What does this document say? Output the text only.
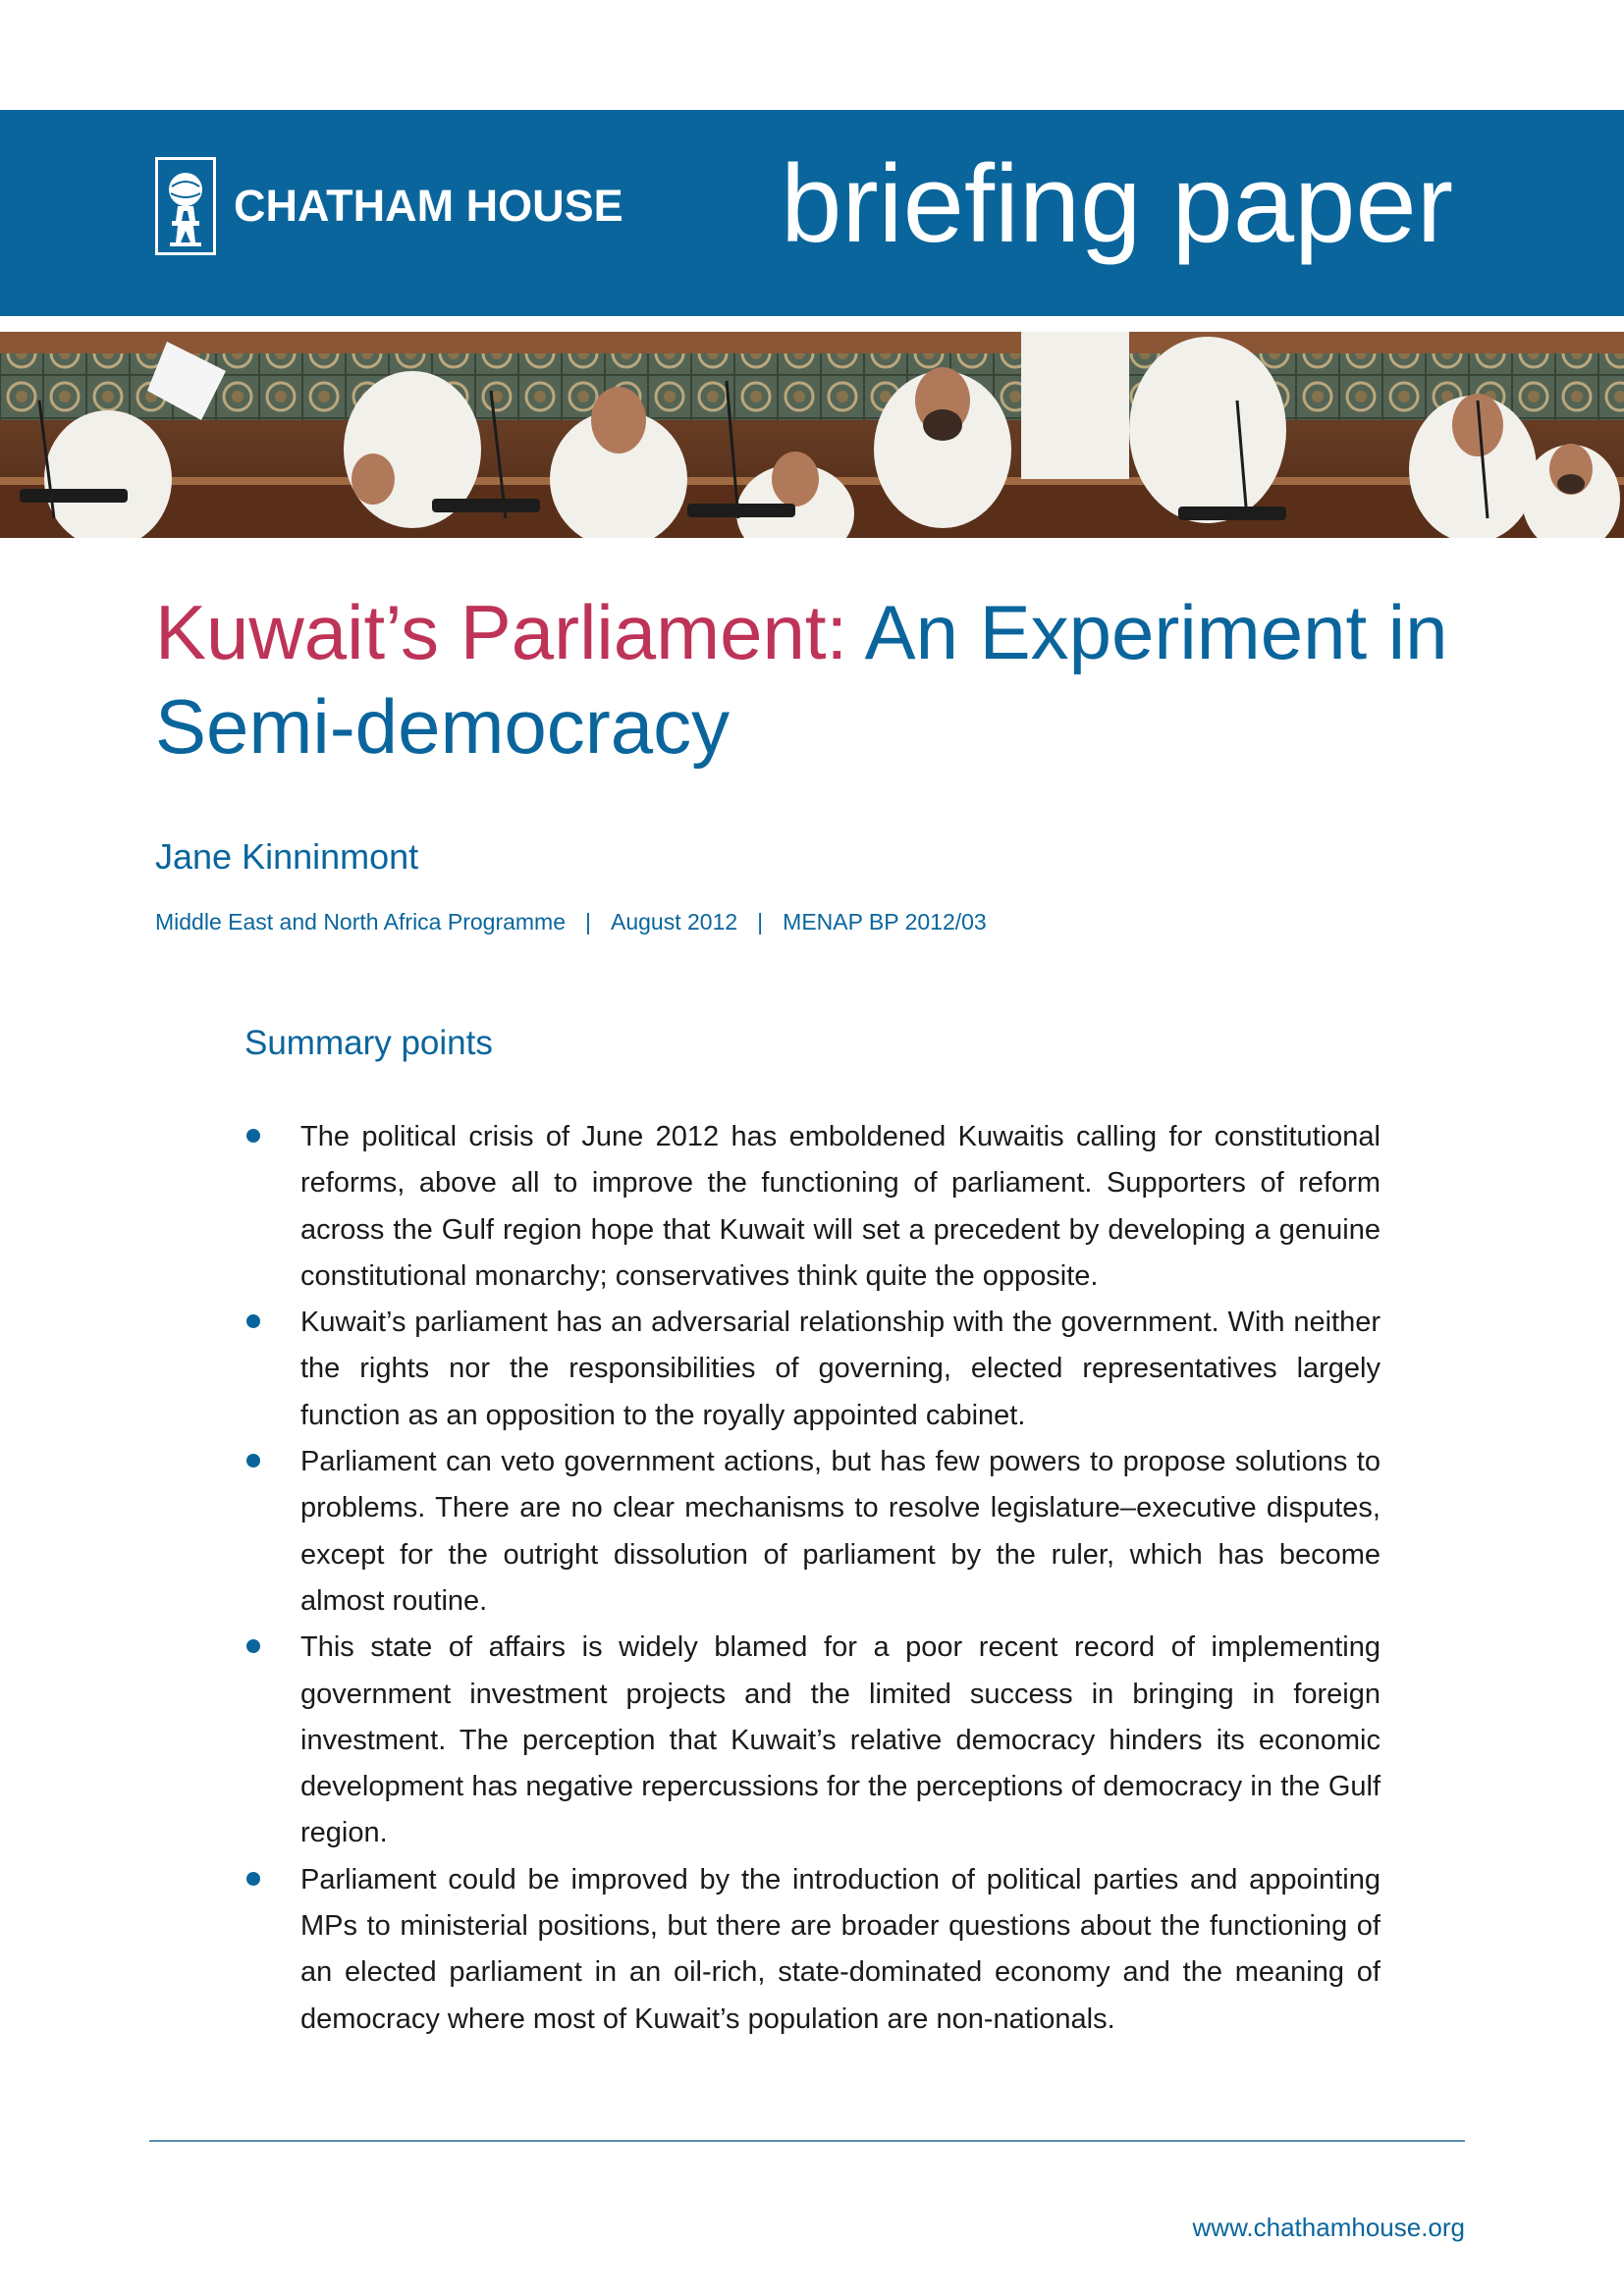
CHATHAM HOUSE briefing paper
Kuwait’s Parliament: An Experiment in Semi-democracy
Jane Kinninmont
Middle East and North Africa Programme | August 2012 | MENAP BP 2012/03
Summary points
The political crisis of June 2012 has emboldened Kuwaitis calling for constitutional reforms, above all to improve the functioning of parliament. Supporters of reform across the Gulf region hope that Kuwait will set a precedent by developing a genuine constitutional monarchy; conservatives think quite the opposite.
Kuwait’s parliament has an adversarial relationship with the government. With neither the rights nor the responsibilities of governing, elected representatives largely function as an opposition to the royally appointed cabinet.
Parliament can veto government actions, but has few powers to propose solutions to problems. There are no clear mechanisms to resolve legislature–executive disputes, except for the outright dissolution of parliament by the ruler, which has become almost routine.
This state of affairs is widely blamed for a poor recent record of implementing government investment projects and the limited success in bringing in foreign investment. The perception that Kuwait’s relative democracy hinders its economic development has negative repercussions for the perceptions of democracy in the Gulf region.
Parliament could be improved by the introduction of political parties and appointing MPs to ministerial positions, but there are broader questions about the functioning of an elected parliament in an oil-rich, state-dominated economy and the meaning of democracy where most of Kuwait’s population are non-nationals.
www.chathamhouse.org
